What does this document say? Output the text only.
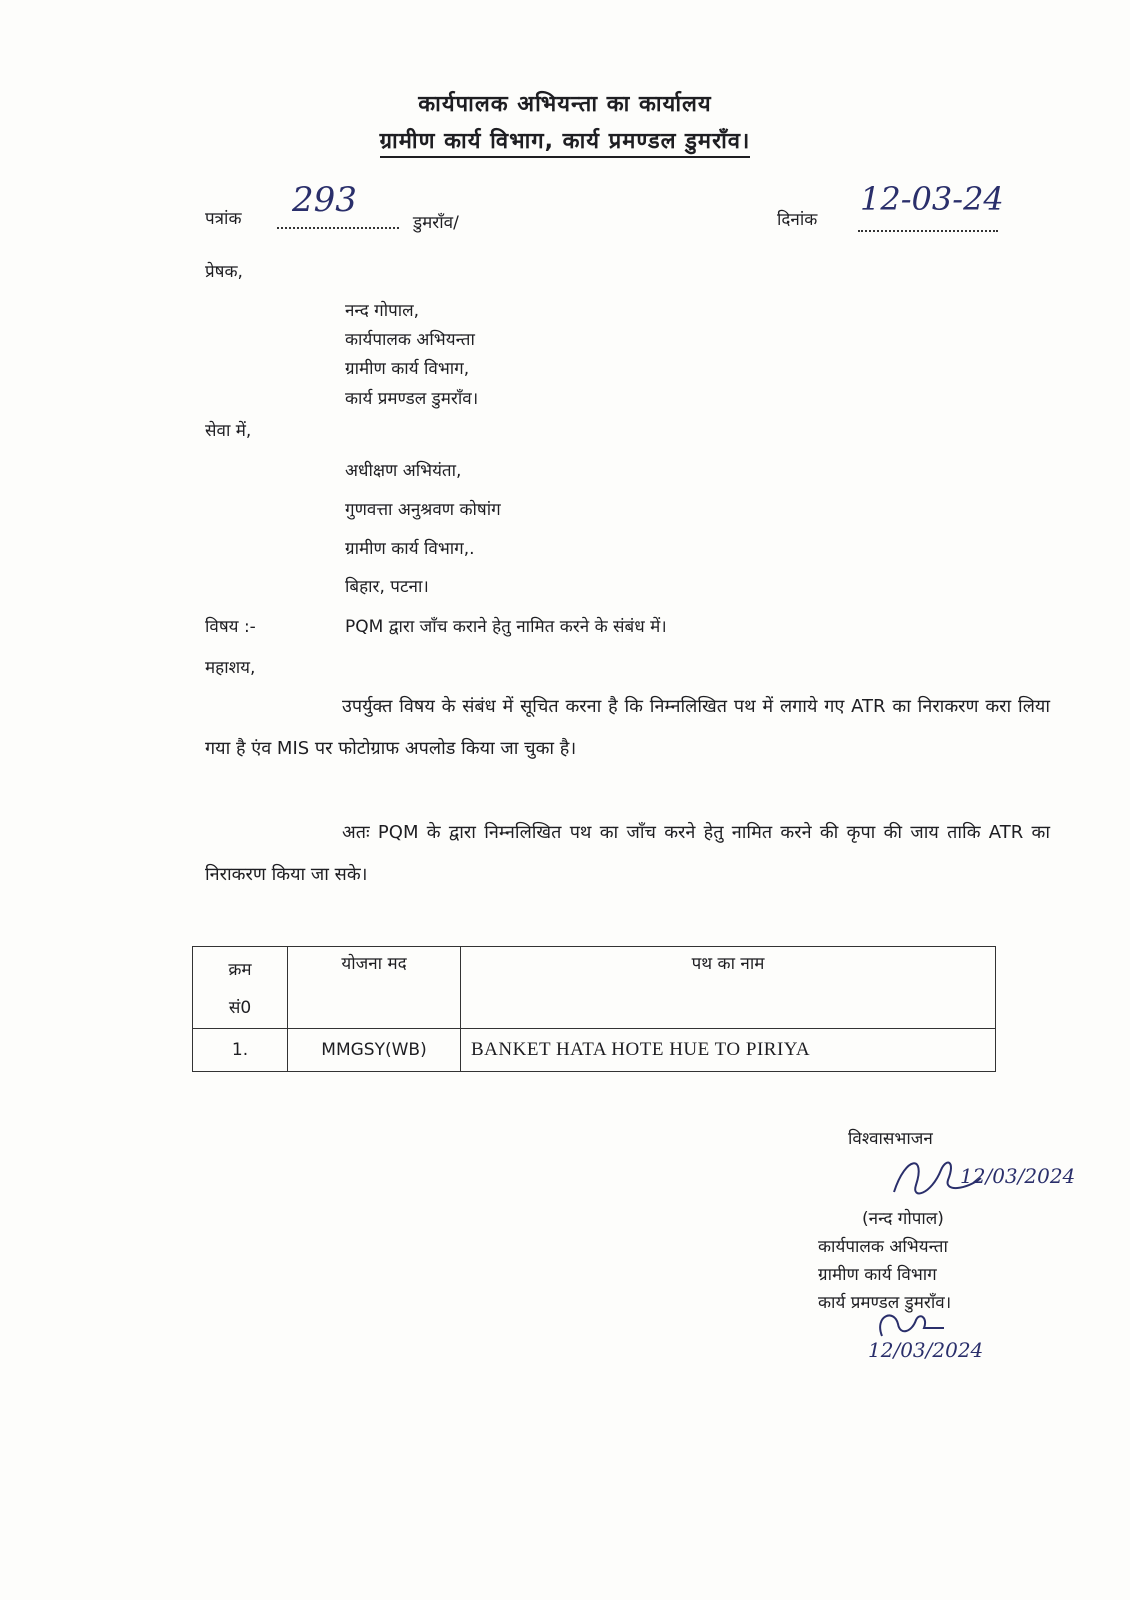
कार्यपालक अभियन्ता का कार्यालय
ग्रामीण कार्य विभाग, कार्य प्रमण्डल डुमराँव।
पत्रांक 293
डुमराँव/	दिनांक
12-03-24
प्रेषक,
नन्द गोपाल,
कार्यपालक अभियन्ता
ग्रामीण कार्य विभाग,
कार्य प्रमण्डल डुमराँव।
सेवा में,
अधीक्षण अभियंता,
गुणवत्ता अनुश्रवण कोषांग
ग्रामीण कार्य विभाग,.
बिहार, पटना।
विषय :-	PQM द्वारा जाँच कराने हेतु नामित करने के संबंध में।
महाशय,
उपर्युक्त विषय के संबंध में सूचित करना है कि निम्नलिखित पथ में लगाये गए ATR का निराकरण करा लिया गया है एंव MIS पर फोटोग्राफ अपलोड किया जा चुका है।
अतः PQM के द्वारा निम्नलिखित पथ का जाँच करने हेतु नामित करने की कृपा की जाय ताकि ATR का निराकरण किया जा सके।
क्रम
सं0	योजना मद	पथ का नाम
1.	MMGSY(WB)	BANKET HATA HOTE HUE TO PIRIYA
विश्वासभाजन
12/03/2024
(नन्द गोपाल)
कार्यपालक अभियन्ता
ग्रामीण कार्य विभाग
कार्य प्रमण्डल डुमराँव।
12/03/2024
